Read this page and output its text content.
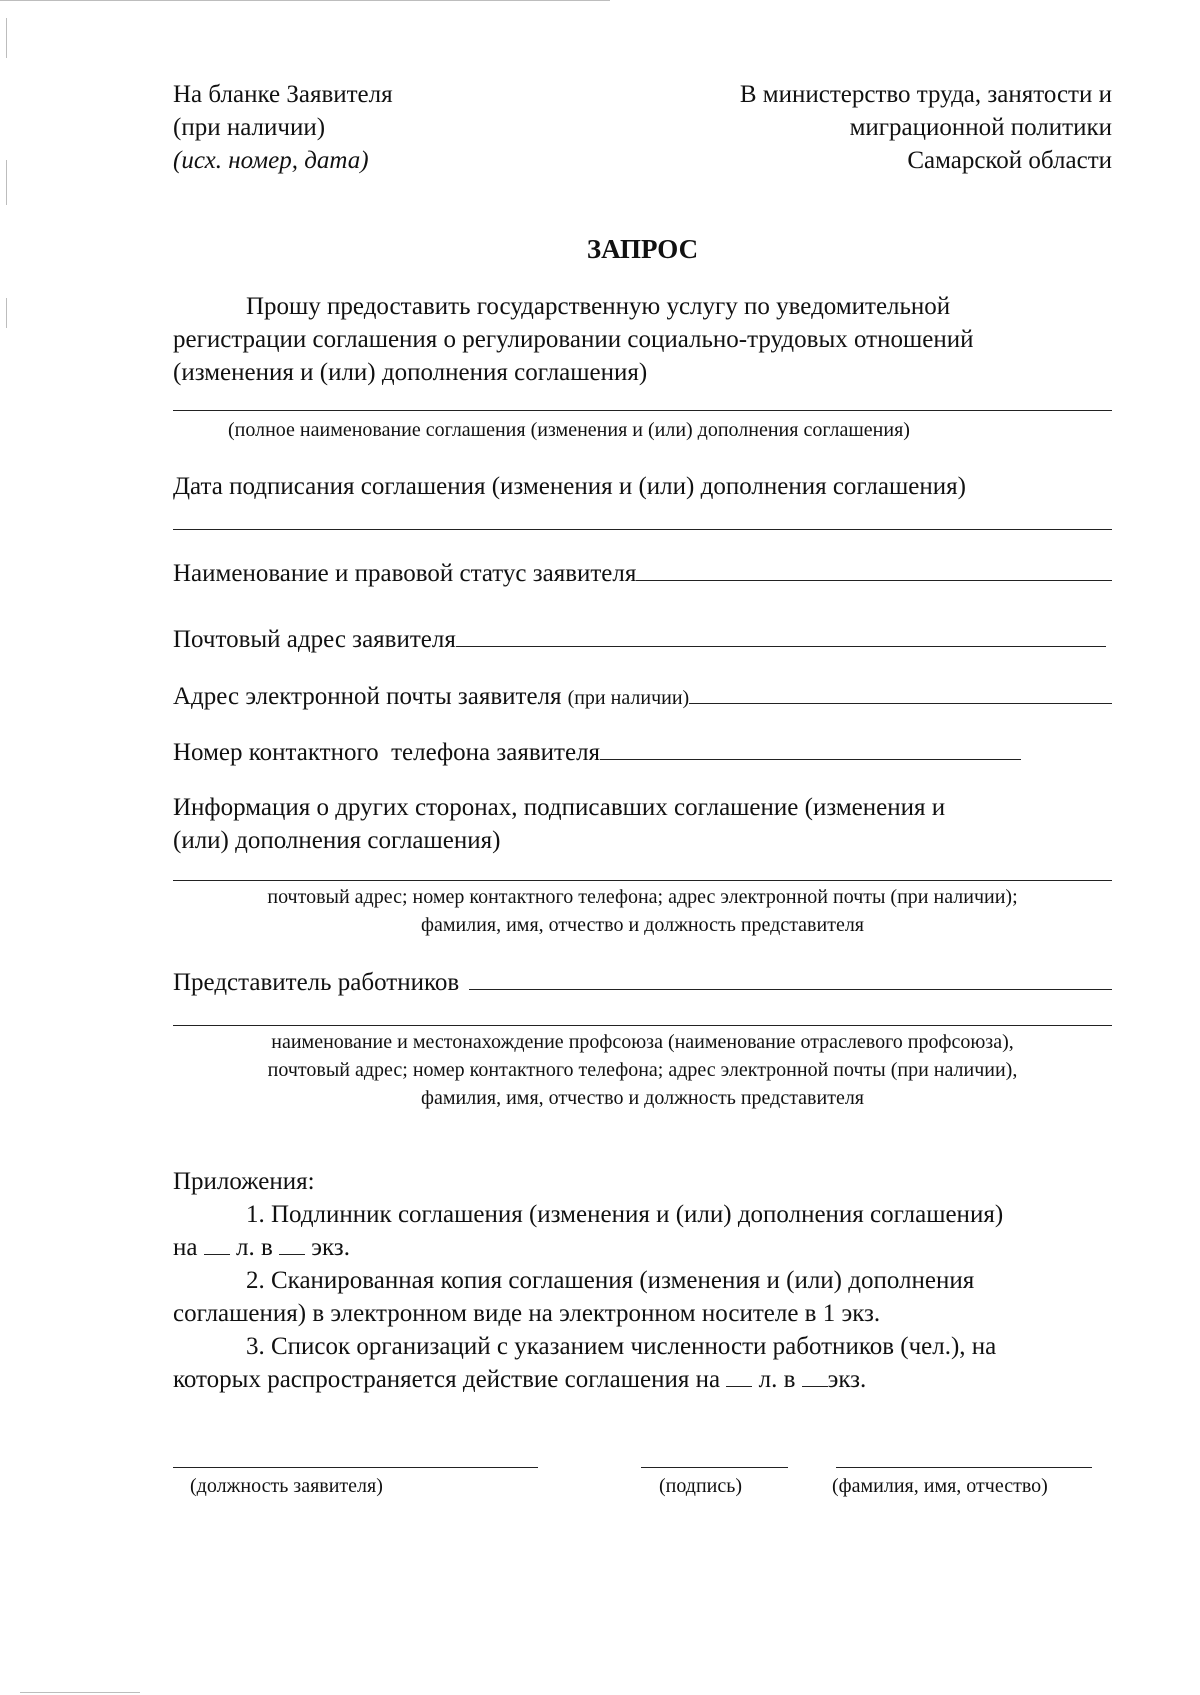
На бланке Заявителя
(при наличии)
(исх. номер, дата)
В министерство труда, занятости и
миграционной политики
Самарской области
ЗАПРОС
Прошу предоставить государственную услугу по уведомительной
регистрации соглашения о регулировании социально-трудовых отношений
(изменения и (или) дополнения соглашения)
(полное наименование соглашения (изменения и (или) дополнения соглашения)
Дата подписания соглашения (изменения и (или) дополнения соглашения)
Наименование и правовой статус заявителя
Почтовый адрес заявителя
Адрес электронной почты заявителя (при наличии)
Номер контактного  телефона заявителя
Информация о других сторонах, подписавших соглашение (изменения и
(или) дополнения соглашения)
почтовый адрес; номер контактного телефона; адрес электронной почты (при наличии);
фамилия, имя, отчество и должность представителя
Представитель работников
наименование и местонахождение профсоюза (наименование отраслевого профсоюза),
почтовый адрес; номер контактного телефона; адрес электронной почты (при наличии),
фамилия, имя, отчество и должность представителя
Приложения:
1. Подлинник соглашения (изменения и (или) дополнения соглашения)
на л. в экз.
2. Сканированная копия соглашения (изменения и (или) дополнения
соглашения) в электронном виде на электронном носителе в 1 экз.
3. Список организаций с указанием численности работников (чел.), на
которых распространяется действие соглашения на л. в экз.
(должность заявителя)	(подпись)	(фамилия, имя, отчество)
